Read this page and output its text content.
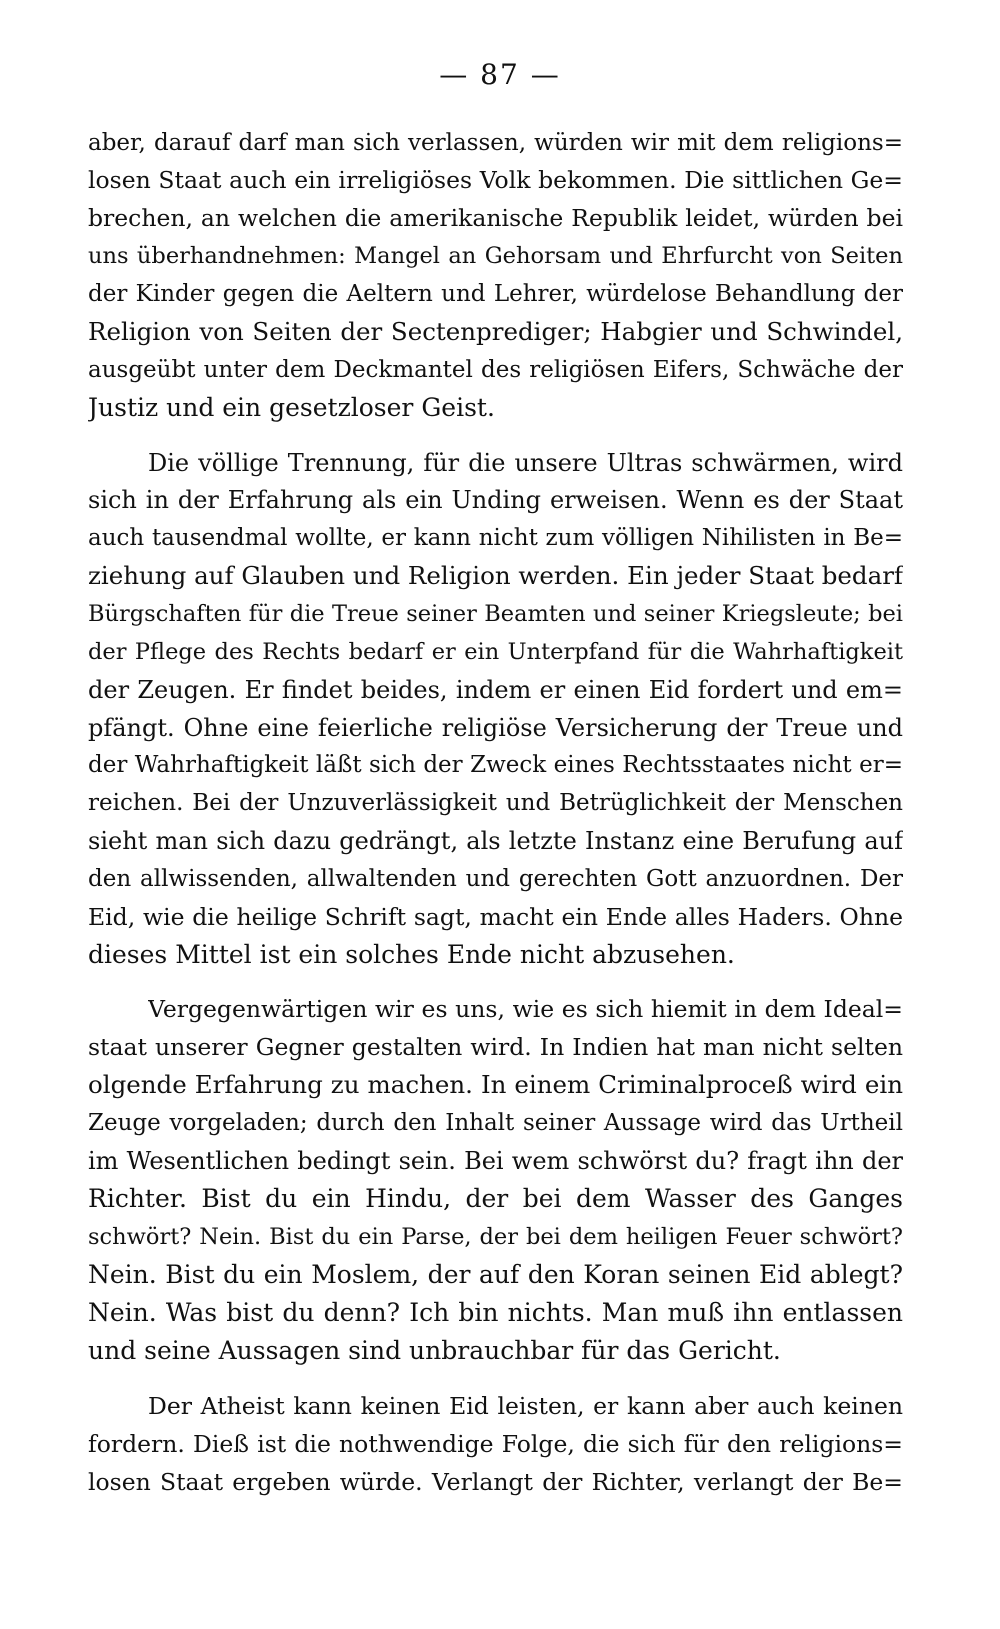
— 87 —
aber, darauf darf man sich verlassen, würden wir mit dem religions=
losen Staat auch ein irreligiöses Volk bekommen. Die sittlichen Ge=
brechen, an welchen die amerikanische Republik leidet, würden bei
uns überhandnehmen: Mangel an Gehorsam und Ehrfurcht von Seiten
der Kinder gegen die Aeltern und Lehrer, würdelose Behandlung der
Religion von Seiten der Sectenprediger; Habgier und Schwindel,
ausgeübt unter dem Deckmantel des religiösen Eifers, Schwäche der
Justiz und ein gesetzloser Geist.
Die völlige Trennung, für die unsere Ultras schwärmen, wird
sich in der Erfahrung als ein Unding erweisen. Wenn es der Staat
auch tausendmal wollte, er kann nicht zum völligen Nihilisten in Be=
ziehung auf Glauben und Religion werden. Ein jeder Staat bedarf
Bürgschaften für die Treue seiner Beamten und seiner Kriegsleute; bei
der Pflege des Rechts bedarf er ein Unterpfand für die Wahrhaftigkeit
der Zeugen. Er findet beides, indem er einen Eid fordert und em=
pfängt. Ohne eine feierliche religiöse Versicherung der Treue und
der Wahrhaftigkeit läßt sich der Zweck eines Rechtsstaates nicht er=
reichen. Bei der Unzuverlässigkeit und Betrüglichkeit der Menschen
sieht man sich dazu gedrängt, als letzte Instanz eine Berufung auf
den allwissenden, allwaltenden und gerechten Gott anzuordnen. Der
Eid, wie die heilige Schrift sagt, macht ein Ende alles Haders. Ohne
dieses Mittel ist ein solches Ende nicht abzusehen.
Vergegenwärtigen wir es uns, wie es sich hiemit in dem Ideal=
staat unserer Gegner gestalten wird. In Indien hat man nicht selten
olgende Erfahrung zu machen. In einem Criminalproceß wird ein
Zeuge vorgeladen; durch den Inhalt seiner Aussage wird das Urtheil
im Wesentlichen bedingt sein. Bei wem schwörst du? fragt ihn der
Richter. Bist du ein Hindu, der bei dem Wasser des Ganges
schwört? Nein. Bist du ein Parse, der bei dem heiligen Feuer schwört?
Nein. Bist du ein Moslem, der auf den Koran seinen Eid ablegt?
Nein. Was bist du denn? Ich bin nichts. Man muß ihn entlassen
und seine Aussagen sind unbrauchbar für das Gericht.
Der Atheist kann keinen Eid leisten, er kann aber auch keinen
fordern. Dieß ist die nothwendige Folge, die sich für den religions=
losen Staat ergeben würde. Verlangt der Richter, verlangt der Be=
